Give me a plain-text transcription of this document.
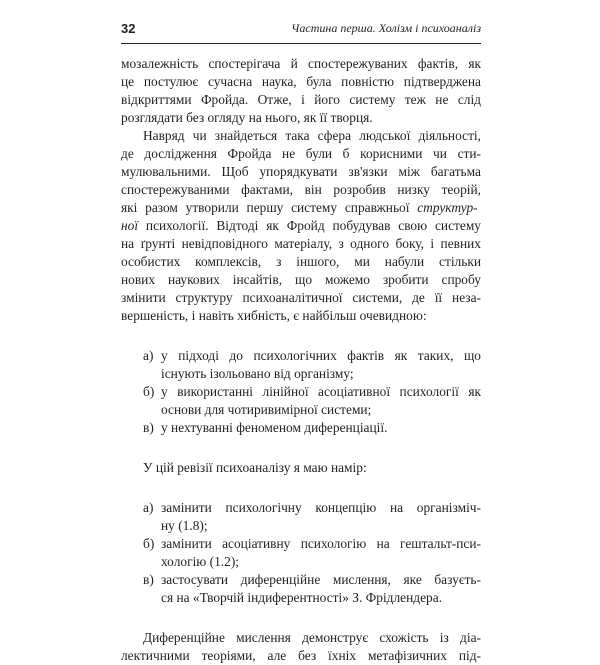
32	Частина перша. Холізм і психоаналіз

мозалежність спостерігача й спостережуваних фактів, як
це постулює сучасна наука, була повністю підтверджена
відкриттями Фройда. Отже, і його систему теж не слід
розглядати без огляду на нього, як її творця.

Навряд чи знайдеться така сфера людської діяльності,
де дослідження Фройда не були б корисними чи сти-
мулювальними. Щоб упорядкувати зв'язки між багатьма
спостережуваними фактами, він розробив низку теорій,
які разом утворили першу систему справжньої структур-
ної психології. Відтоді як Фройд побудував свою систему
на ґрунті невідповідного матеріалу, з одного боку, і певних
особистих комплексів, з іншого, ми набули стільки
нових наукових інсайтів, що можемо зробити спробу
змінити структуру психоаналітичної системи, де її неза-
вершеність, і навіть хибність, є найбільш очевидною:

а) у підході до психологічних фактів як таких, що
існують ізольовано від організму;
б) у використанні лінійної асоціативної психології як
основи для чотиривимірної системи;
в) у нехтуванні феноменом диференціації.

У цій ревізії психоаналізу я маю намір:

а) замінити психологічну концепцію на організміч-
ну (1.8);
б) замінити асоціативну психологію на гештальт-пси-
хологію (1.2);
в) застосувати диференційне мислення, яке базуєть-
ся на «Творчій індиферентності» З. Фрідлендера.

Диференційне мислення демонструє схожість із діа-
лектичними теоріями, але без їхніх метафізичних під-
